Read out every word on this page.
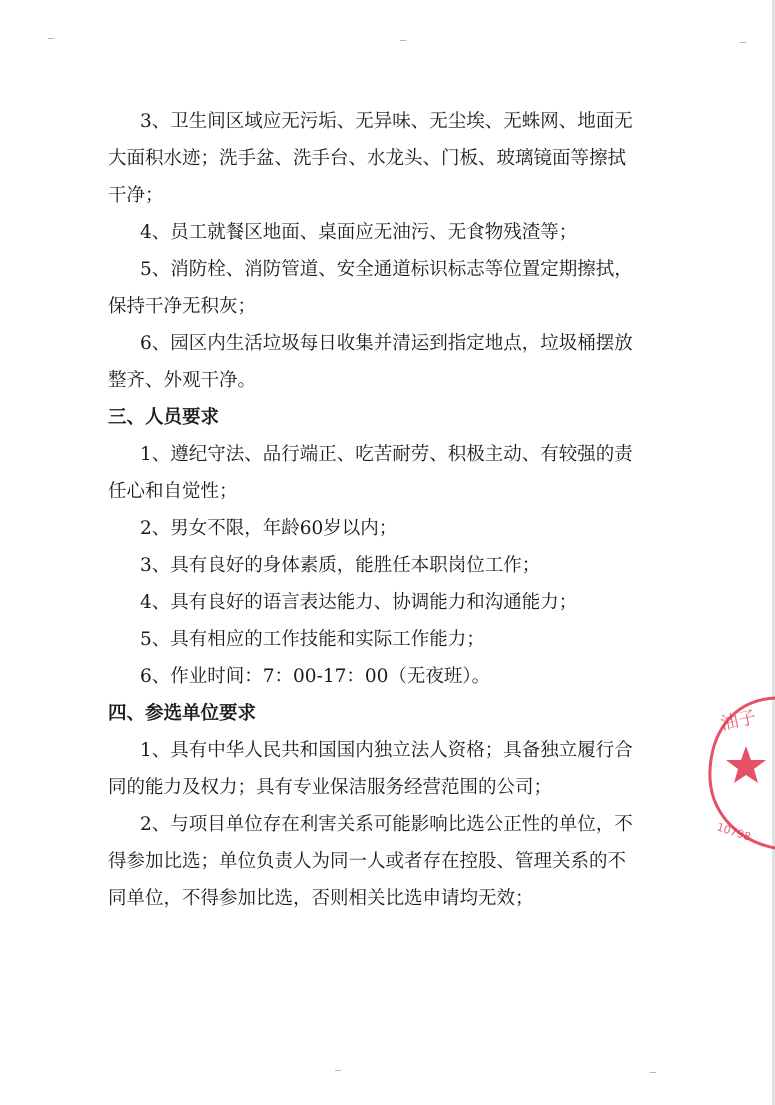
3、卫生间区域应无污垢、无异味、无尘埃、无蛛网、地面无
大面积水迹；洗手盆、洗手台、水龙头、门板、玻璃镜面等擦拭
干净；
4、员工就餐区地面、桌面应无油污、无食物残渣等；
5、消防栓、消防管道、安全通道标识标志等位置定期擦拭，
保持干净无积灰；
6、园区内生活垃圾每日收集并清运到指定地点，垃圾桶摆放
整齐、外观干净。
三、人员要求
1、遵纪守法、品行端正、吃苦耐劳、积极主动、有较强的责
任心和自觉性；
2、男女不限，年龄60岁以内；
3、具有良好的身体素质，能胜任本职岗位工作；
4、具有良好的语言表达能力、协调能力和沟通能力；
5、具有相应的工作技能和实际工作能力；
6、作业时间：7：00-17：00（无夜班）。
四、参选单位要求
1、具有中华人民共和国国内独立法人资格；具备独立履行合
同的能力及权力；具有专业保洁服务经营范围的公司；
2、与项目单位存在利害关系可能影响比选公正性的单位，不
得参加比选；单位负责人为同一人或者存在控股、管理关系的不
同单位，不得参加比选，否则相关比选申请均无效；
油子
10798
